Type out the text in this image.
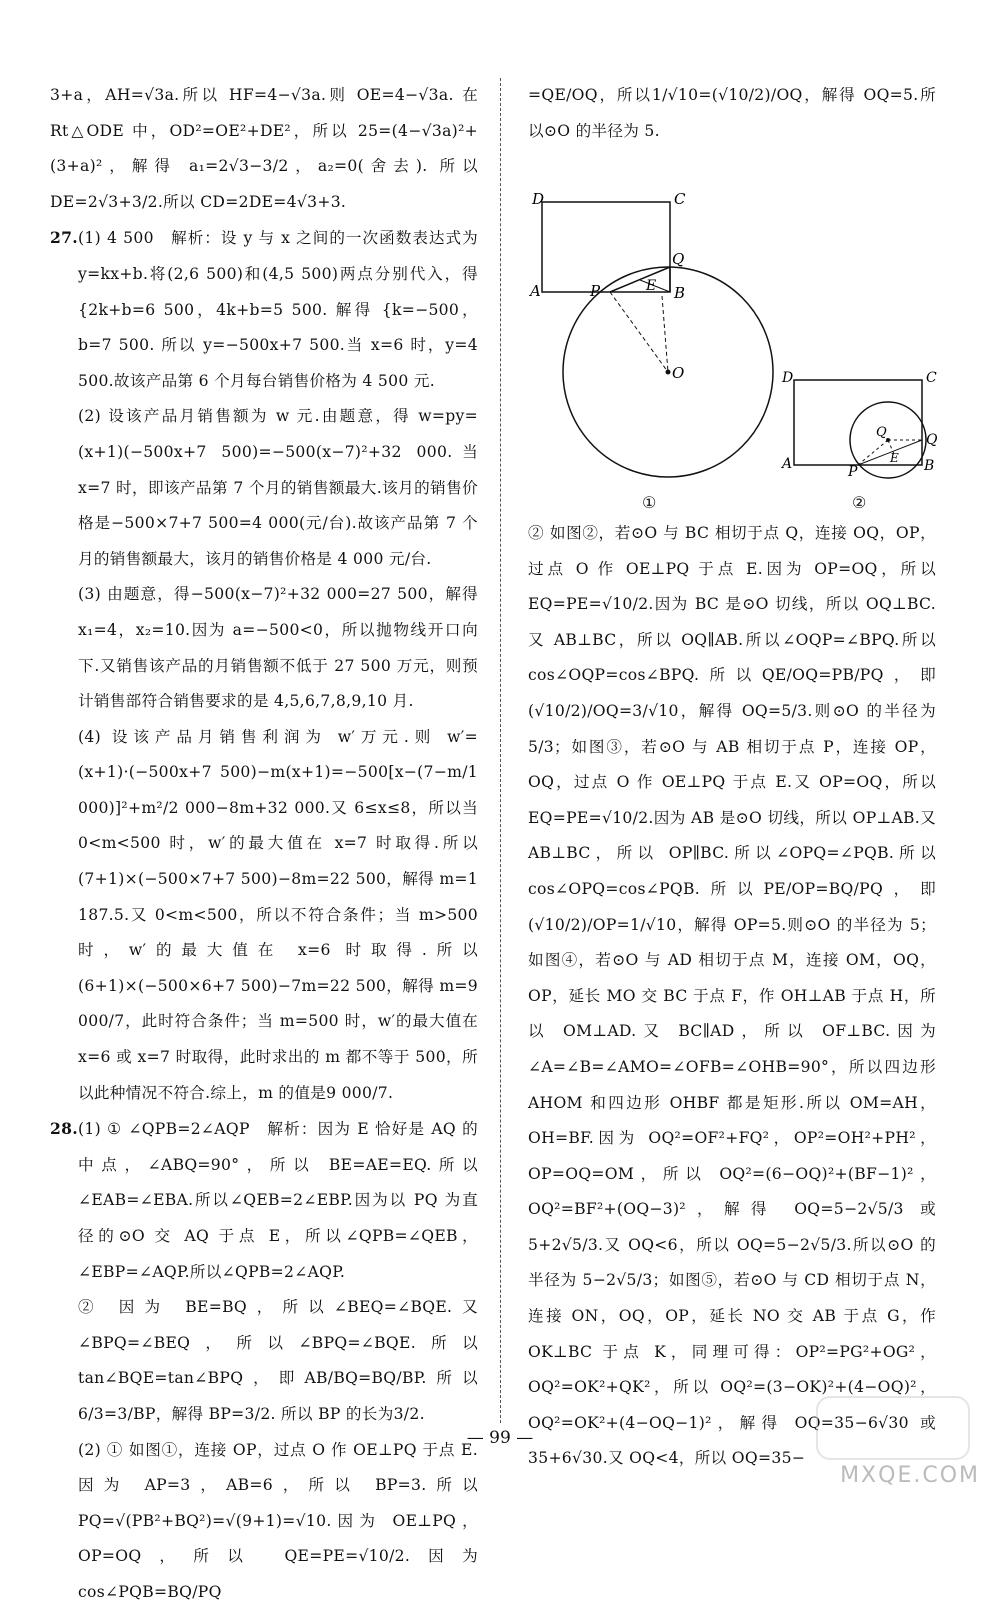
3+a，AH=√3a.所以 HF=4−√3a.则 OE=4−√3a. 在 Rt△ODE 中，OD²=OE²+DE²，所以 25=(4−√3a)²+(3+a)²，解得 a₁=2√3−3/2，a₂=0(舍去). 所以 DE=2√3+3/2.所以 CD=2DE=4√3+3.

27.(1) 4 500　解析：设 y 与 x 之间的一次函数表达式为 y=kx+b.将(2,6 500)和(4,5 500)两点分别代入，得 {2k+b=6 500，4k+b=5 500. 解得 {k=−500，b=7 500. 所以 y=−500x+7 500.当 x=6 时，y=4 500.故该产品第 6 个月每台销售价格为 4 500 元.

(2) 设该产品月销售额为 w 元.由题意，得 w=py=(x+1)(−500x+7 500)=−500(x−7)²+32 000.当 x=7 时，即该产品第 7 个月的销售额最大.该月的销售价格是−500×7+7 500=4 000(元/台).故该产品第 7 个月的销售额最大，该月的销售价格是 4 000 元/台.

(3) 由题意，得−500(x−7)²+32 000=27 500，解得 x₁=4，x₂=10.因为 a=−500<0，所以抛物线开口向下.又销售该产品的月销售额不低于 27 500 万元，则预计销售部符合销售要求的是 4,5,6,7,8,9,10 月.

(4) 设该产品月销售利润为 w′万元.则 w′=(x+1)·(−500x+7 500)−m(x+1)=−500[x−(7−m/1 000)]²+m²/2 000−8m+32 000.又 6≤x≤8，所以当 0<m<500 时，w′的最大值在 x=7 时取得.所以(7+1)×(−500×7+7 500)−8m=22 500，解得 m=1 187.5.又 0<m<500，所以不符合条件；当 m>500 时，w′的最大值在 x=6 时取得.所以(6+1)×(−500×6+7 500)−7m=22 500，解得 m=9 000/7，此时符合条件；当 m=500 时，w′的最大值在 x=6 或 x=7 时取得，此时求出的 m 都不等于 500，所以此种情况不符合.综上，m 的值是9 000/7.

28.(1) ① ∠QPB=2∠AQP　解析：因为 E 恰好是 AQ 的中点，∠ABQ=90°，所以 BE=AE=EQ.所以∠EAB=∠EBA.所以∠QEB=2∠EBP.因为以 PQ 为直径的⊙O 交 AQ 于点 E，所以∠QPB=∠QEB，∠EBP=∠AQP.所以∠QPB=2∠AQP.

② 因为 BE=BQ，所以∠BEQ=∠BQE.又∠BPQ=∠BEQ，所以∠BPQ=∠BQE.所以 tan∠BQE=tan∠BPQ，即AB/BQ=BQ/BP.所以6/3=3/BP，解得 BP=3/2. 所以 BP 的长为3/2.

(2) ① 如图①，连接 OP，过点 O 作 OE⊥PQ 于点 E.因为 AP=3，AB=6，所以 BP=3.所以 PQ=√(PB²+BQ²)=√(9+1)=√10.因为 OE⊥PQ，OP=OQ，所以 QE=PE=√10/2.因为 cos∠PQB=BQ/PQ

=QE/OQ，所以1/√10=(√10/2)/OQ，解得 OQ=5.所以⊙O 的半径为 5.

D	C
A	B
P
Q
E
O
①
D	C
A	B
P
Q
E
Q
②

② 如图②，若⊙O 与 BC 相切于点 Q，连接 OQ，OP，过点 O 作 OE⊥PQ 于点 E.因为 OP=OQ，所以 EQ=PE=√10/2.因为 BC 是⊙O 切线，所以 OQ⊥BC.又 AB⊥BC，所以 OQ∥AB.所以∠OQP=∠BPQ.所以 cos∠OQP=cos∠BPQ.所以QE/OQ=PB/PQ，即(√10/2)/OQ=3/√10，解得 OQ=5/3.则⊙O 的半径为5/3；如图③，若⊙O 与 AB 相切于点 P，连接 OP，OQ，过点 O 作 OE⊥PQ 于点 E.又 OP=OQ，所以 EQ=PE=√10/2.因为 AB 是⊙O 切线，所以 OP⊥AB.又 AB⊥BC，所以 OP∥BC.所以∠OPQ=∠PQB.所以 cos∠OPQ=cos∠PQB.所以PE/OP=BQ/PQ，即(√10/2)/OP=1/√10，解得 OP=5.则⊙O 的半径为 5；如图④，若⊙O 与 AD 相切于点 M，连接 OM，OQ，OP，延长 MO 交 BC 于点 F，作 OH⊥AB 于点 H，所以 OM⊥AD.又 BC∥AD，所以 OF⊥BC.因为∠A=∠B=∠AMO=∠OFB=∠OHB=90°，所以四边形 AHOM 和四边形 OHBF 都是矩形.所以 OM=AH，OH=BF.因为 OQ²=OF²+FQ²，OP²=OH²+PH²，OP=OQ=OM，所以 OQ²=(6−OQ)²+(BF−1)²，OQ²=BF²+(OQ−3)²，解得 OQ=5−2√5/3 或 5+2√5/3.又 OQ<6，所以 OQ=5−2√5/3.所以⊙O 的半径为 5−2√5/3；如图⑤，若⊙O 与 CD 相切于点 N，连接 ON，OQ，OP，延长 NO 交 AB 于点 G，作 OK⊥BC 于点 K，同理可得：OP²=PG²+OG²，OQ²=OK²+QK²，所以 OQ²=(3−OK)²+(4−OQ)²，OQ²=OK²+(4−OQ−1)²，解得 OQ=35−6√30 或 35+6√30.又 OQ<4，所以 OQ=35−

— 99 —
MXQE.COM
